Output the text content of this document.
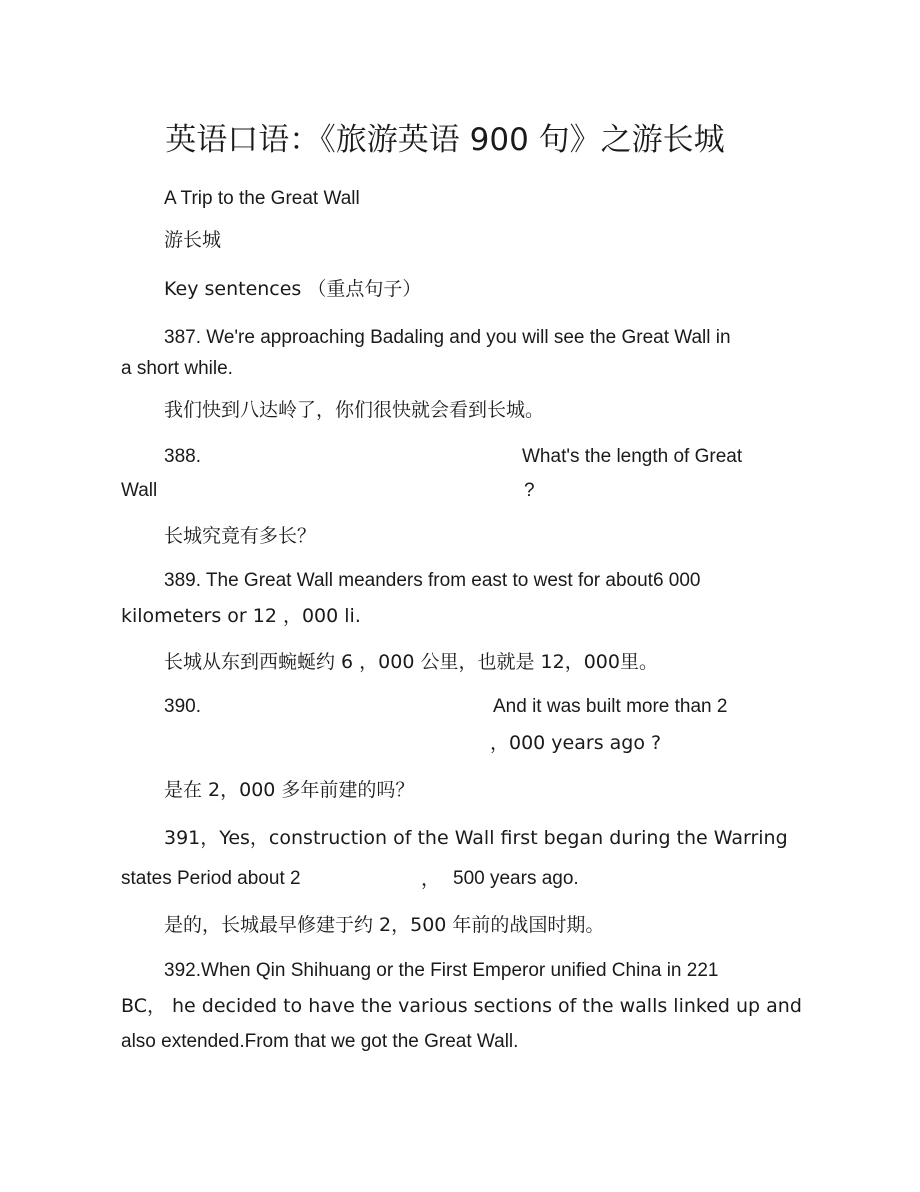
英语口语：《旅游英语 900 句》之游长城
A Trip to the Great Wall
游长城
Key sentences （重点句子）
387. We're approaching Badaling and you will see the Great Wall in
a short while.
我们快到八达岭了，你们很快就会看到长城。
388.	What's the length of Great
Wall	?
长城究竟有多长？
389. The Great Wall meanders from east to west for about6 000
kilometers or 12 ，000 li.
长城从东到西蜿蜒约 6 ，000 公里，也就是 12，000里。
390.	And it was built more than 2
，000 years ago ?
是在 2，000 多年前建的吗？
391，Yes，construction of the Wall first began during the Warring
states Period about 2	， 500 years ago.
是的，长城最早修建于约 2，500 年前的战国时期。
392.When Qin Shihuang or the First Emperor unified China in 221
BC， he decided to have the various sections of the walls linked up and
also extended.From that we got the Great Wall.
